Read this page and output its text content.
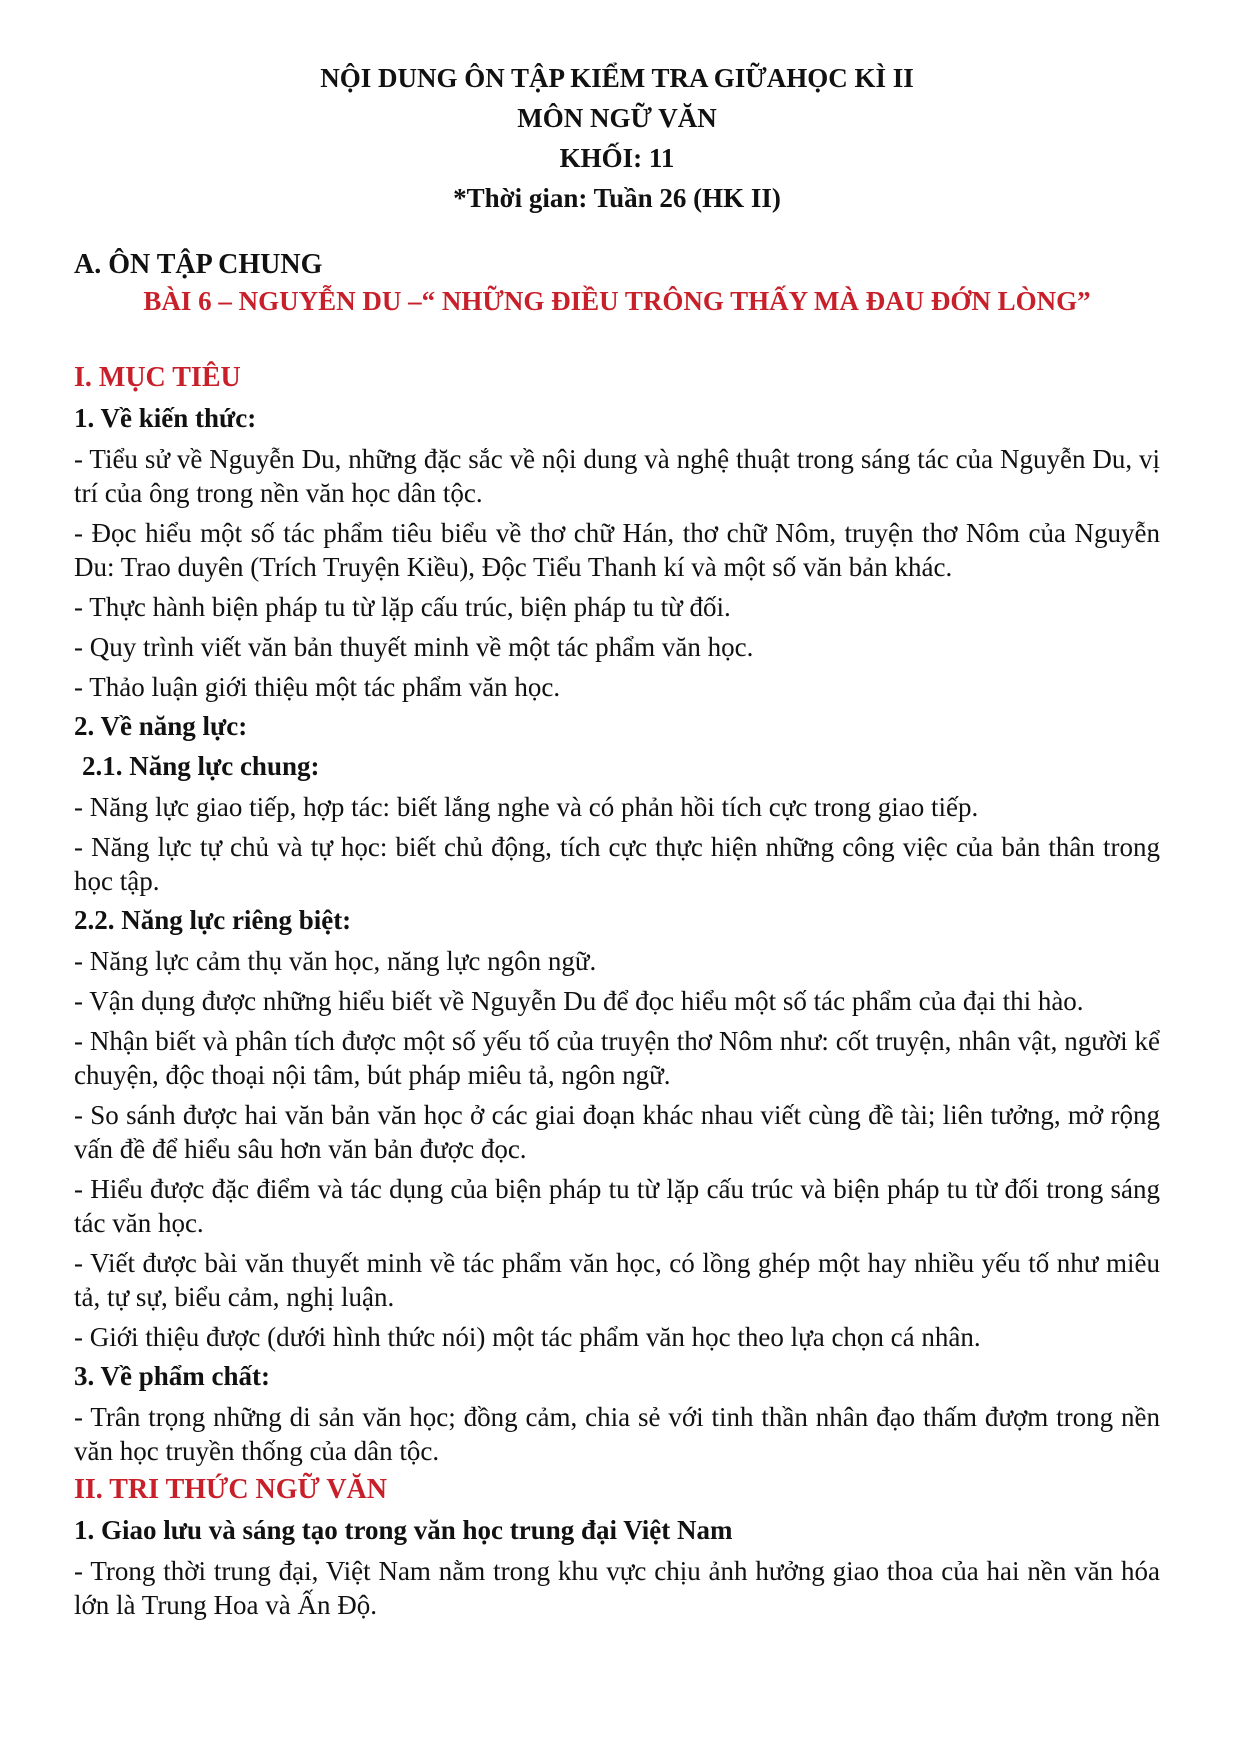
NỘI DUNG ÔN TẬP KIỂM TRA GIỮAHỌC KÌ II
MÔN NGỮ VĂN
KHỐI: 11
*Thời gian: Tuần 26 (HK II)
A. ÔN TẬP CHUNG
BÀI 6 – NGUYỄN DU –“ NHỮNG ĐIỀU TRÔNG THẤY MÀ ĐAU ĐỚN LÒNG”
I. MỤC TIÊU
1. Về kiến thức:
- Tiểu sử về Nguyễn Du, những đặc sắc về nội dung và nghệ thuật trong sáng tác của Nguyễn Du, vị trí của ông trong nền văn học dân tộc.
- Đọc hiểu một số tác phẩm tiêu biểu về thơ chữ Hán, thơ chữ Nôm, truyện thơ Nôm của Nguyễn Du: Trao duyên (Trích Truyện Kiều), Độc Tiểu Thanh kí và một số văn bản khác.
- Thực hành biện pháp tu từ lặp cấu trúc, biện pháp tu từ đối.
- Quy trình viết văn bản thuyết minh về một tác phẩm văn học.
- Thảo luận giới thiệu một tác phẩm văn học.
2. Về năng lực:
2.1. Năng lực chung:
- Năng lực giao tiếp, hợp tác: biết lắng nghe và có phản hồi tích cực trong giao tiếp.
- Năng lực tự chủ và tự học: biết chủ động, tích cực thực hiện những công việc của bản thân trong học tập.
2.2. Năng lực riêng biệt:
- Năng lực cảm thụ văn học, năng lực ngôn ngữ.
- Vận dụng được những hiểu biết về Nguyễn Du để đọc hiểu một số tác phẩm của đại thi hào.
- Nhận biết và phân tích được một số yếu tố của truyện thơ Nôm như: cốt truyện, nhân vật, người kể chuyện, độc thoại nội tâm, bút pháp miêu tả, ngôn ngữ.
- So sánh được hai văn bản văn học ở các giai đoạn khác nhau viết cùng đề tài; liên tưởng, mở rộng vấn đề để hiểu sâu hơn văn bản được đọc.
- Hiểu được đặc điểm và tác dụng của biện pháp tu từ lặp cấu trúc và biện pháp tu từ đối trong sáng tác văn học.
- Viết được bài văn thuyết minh về tác phẩm văn học, có lồng ghép một hay nhiều yếu tố như miêu tả, tự sự, biểu cảm, nghị luận.
- Giới thiệu được (dưới hình thức nói) một tác phẩm văn học theo lựa chọn cá nhân.
3. Về phẩm chất:
- Trân trọng những di sản văn học; đồng cảm, chia sẻ với tinh thần nhân đạo thấm đượm trong nền văn học truyền thống của dân tộc.
II. TRI THỨC NGỮ VĂN
1. Giao lưu và sáng tạo trong văn học trung đại Việt Nam
- Trong thời trung đại, Việt Nam nằm trong khu vực chịu ảnh hưởng giao thoa của hai nền văn hóa lớn là Trung Hoa và Ấn Độ.
